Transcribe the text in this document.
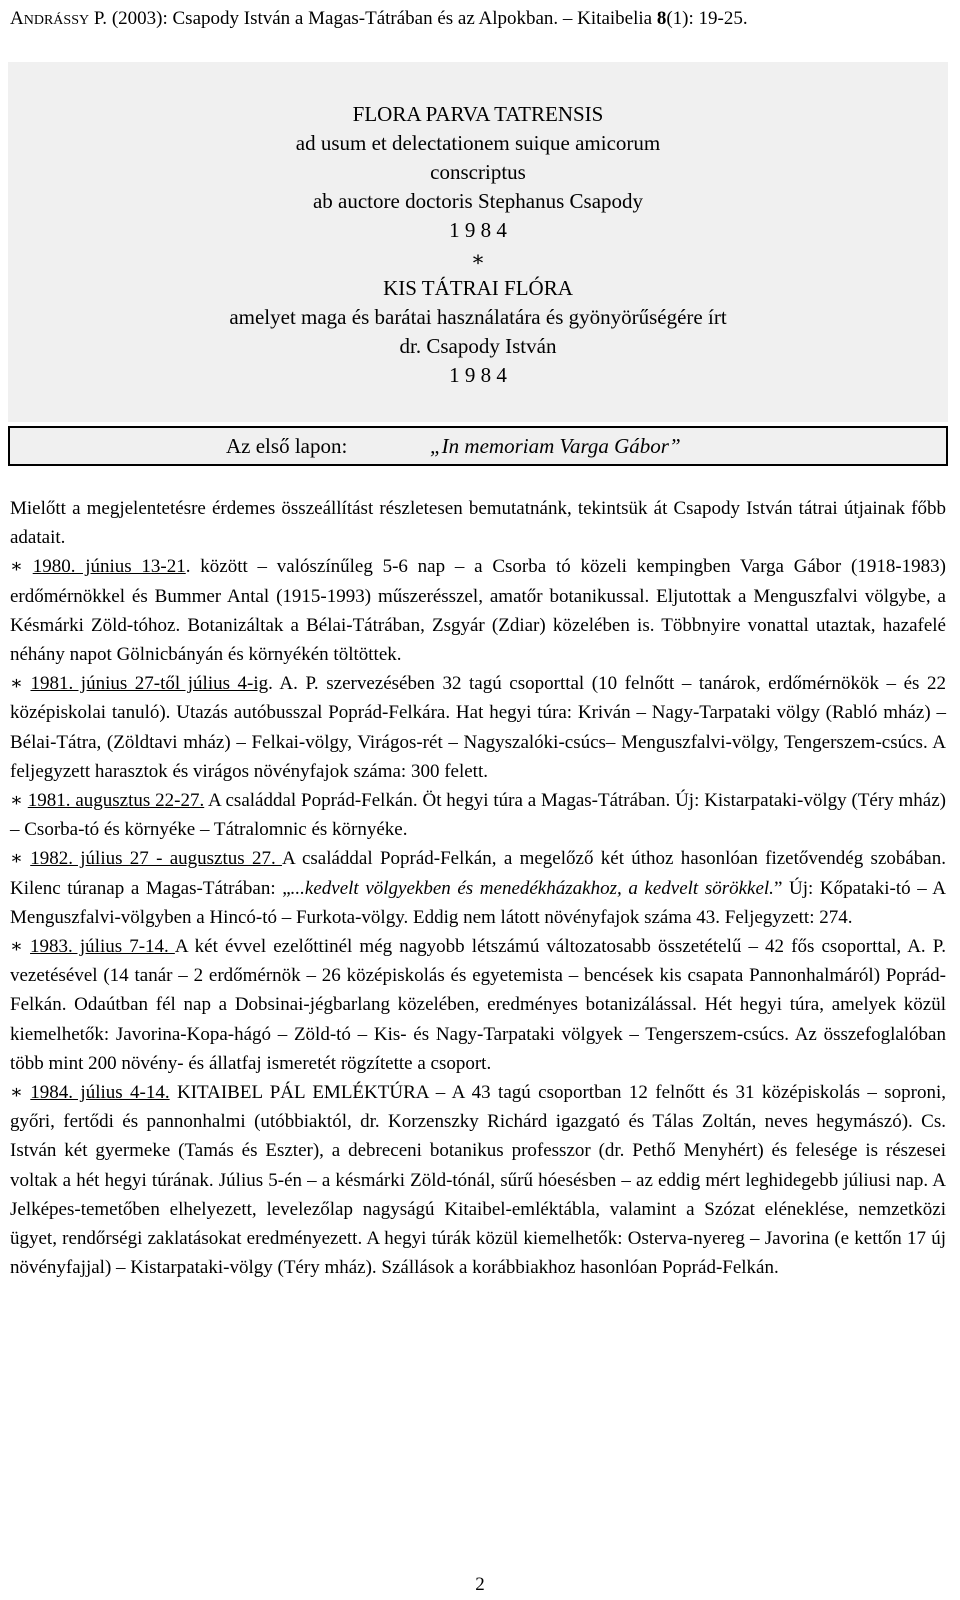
ANDRÁSSY P. (2003): Csapody István a Magas-Tátrában és az Alpokban. – Kitaibelia 8(1): 19-25.
FLORA PARVA TATRENSIS
ad usum et delectationem suique amicorum
conscriptus
ab auctore doctoris Stephanus Csapody
1 9 8 4
∗
KIS TÁTRAI FLÓRA
amelyet maga és barátai használatára és gyönyörűségére írt
dr. Csapody István
1 9 8 4
Az első lapon:	„In memoriam Varga Gábor”

Mielőtt a megjelentetésre érdemes összeállítást részletesen bemutatnánk, tekintsük át Csapody István tátrai útjainak főbb adatait.

∗ 1980. június 13-21. között – valószínűleg 5-6 nap – a Csorba tó közeli kempingben Varga Gábor (1918-1983) erdőmérnökkel és Bummer Antal (1915-1993) műszerésszel, amatőr botanikussal. Eljutottak a Menguszfalvi völgybe, a Késmárki Zöld-tóhoz. Botanizáltak a Bélai-Tátrában, Zsgyár (Zdiar) közelében is. Többnyire vonattal utaztak, hazafelé néhány napot Gölnicbányán és környékén töltöttek.

∗ 1981. június 27-től július 4-ig. A. P. szervezésében 32 tagú csoporttal (10 felnőtt – tanárok, erdőmérnökök – és 22 középiskolai tanuló). Utazás autóbusszal Poprád-Felkára. Hat hegyi túra: Kriván – Nagy-Tarpataki völgy (Rabló mház) – Bélai-Tátra, (Zöldtavi mház) – Felkai-völgy, Virágos-rét – Nagyszalóki-csúcs– Menguszfalvi-völgy, Tengerszem-csúcs. A feljegyzett harasztok és virágos növényfajok száma: 300 felett.

∗ 1981. augusztus 22-27. A családdal Poprád-Felkán. Öt hegyi túra a Magas-Tátrában. Új: Kistarpataki-völgy (Téry mház) – Csorba-tó és környéke – Tátralomnic és környéke.

∗ 1982. július 27 - augusztus 27. A családdal Poprád-Felkán, a megelőző két úthoz hasonlóan fizetővendég szobában. Kilenc túranap a Magas-Tátrában: „...kedvelt völgyekben és menedékházakhoz, a kedvelt sörökkel.” Új: Kőpataki-tó – A Menguszfalvi-völgyben a Hincó-tó – Furkota-völgy. Eddig nem látott növényfajok száma 43. Feljegyzett: 274.

∗ 1983. július 7-14. A két évvel ezelőttinél még nagyobb létszámú változatosabb összetételű – 42 fős csoporttal, A. P. vezetésével (14 tanár – 2 erdőmérnök – 26 középiskolás és egyetemista – bencések kis csapata Pannonhalmáról) Poprád-Felkán. Odaútban fél nap a Dobsinai-jégbarlang közelében, eredményes botanizálással. Hét hegyi túra, amelyek közül kiemelhetők: Javorina-Kopa-hágó – Zöld-tó – Kis- és Nagy-Tarpataki völgyek – Tengerszem-csúcs. Az összefoglalóban több mint 200 növény- és állatfaj ismeretét rögzítette a csoport.

∗ 1984. július 4-14. KITAIBEL PÁL EMLÉKTÚRA – A 43 tagú csoportban 12 felnőtt és 31 középiskolás – soproni, győri, fertődi és pannonhalmi (utóbbiaktól, dr. Korzenszky Richárd igazgató és Tálas Zoltán, neves hegymászó). Cs. István két gyermeke (Tamás és Eszter), a debreceni botanikus professzor (dr. Pethő Menyhért) és felesége is részesei voltak a hét hegyi túrának. Július 5-én – a késmárki Zöld-tónál, sűrű hóesésben – az eddig mért leghidegebb júliusi nap. A Jelképes-temetőben elhelyezett, levelezőlap nagyságú Kitaibel-emléktábla, valamint a Szózat eléneklése, nemzetközi ügyet, rendőrségi zaklatásokat eredményezett. A hegyi túrák közül kiemelhetők: Osterva-nyereg – Javorina (e kettőn 17 új növényfajjal) – Kistarpataki-völgy (Téry mház). Szállások a korábbiakhoz hasonlóan Poprád-Felkán.

2
